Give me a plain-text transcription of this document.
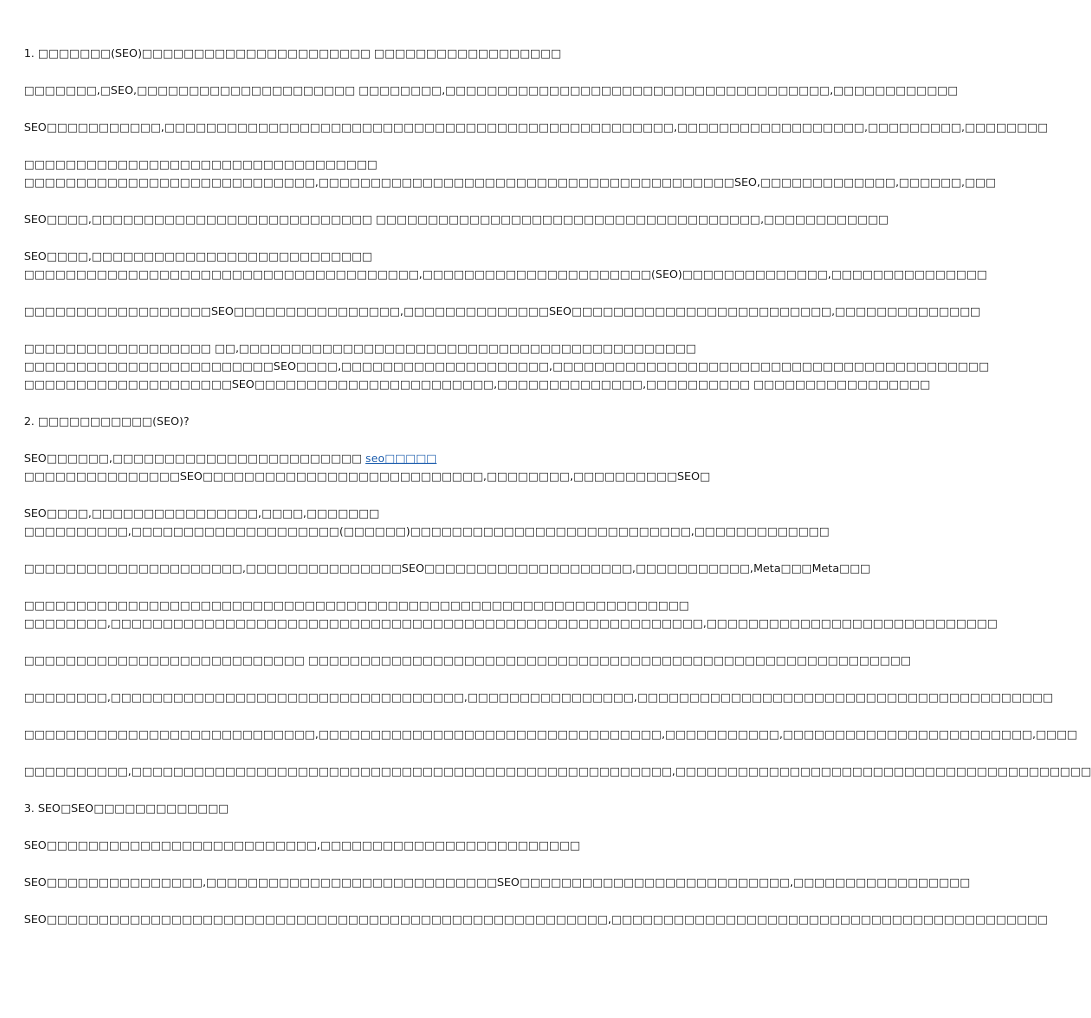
1. □□□□□□□(SEO)□□□□□□□□□□□□□□□□□□□□□□ □□□□□□□□□□□□□□□□□□

□□□□□□□,□SEO,□□□□□□□□□□□□□□□□□□□□□ □□□□□□□□,□□□□□□□□□□□□□□□□□□□□□□□□□□□□□□□□□□□□□,□□□□□□□□□□□□

SEO□□□□□□□□□□□,□□□□□□□□□□□□□□□□□□□□□□□□□□□□□□□□□□□□□□□□□□□□□□□□□,□□□□□□□□□□□□□□□□□□,□□□□□□□□□,□□□□□□□□

□□□□□□□□□□□□□□□□□□□□□□□□□□□□□□□□□□
□□□□□□□□□□□□□□□□□□□□□□□□□□□□,□□□□□□□□□□□□□□□□□□□□□□□□□□□□□□□□□□□□□□□□SEO,□□□□□□□□□□□□□,□□□□□□,□□□

SEO□□□□,□□□□□□□□□□□□□□□□□□□□□□□□□□□ □□□□□□□□□□□□□□□□□□□□□□□□□□□□□□□□□□□□□,□□□□□□□□□□□□

SEO□□□□,□□□□□□□□□□□□□□□□□□□□□□□□□□□
□□□□□□□□□□□□□□□□□□□□□□□□□□□□□□□□□□□□□□,□□□□□□□□□□□□□□□□□□□□□□(SEO)□□□□□□□□□□□□□□,□□□□□□□□□□□□□□□

□□□□□□□□□□□□□□□□□□SEO□□□□□□□□□□□□□□□□,□□□□□□□□□□□□□□SEO□□□□□□□□□□□□□□□□□□□□□□□□□,□□□□□□□□□□□□□□

□□□□□□□□□□□□□□□□□□ □□,□□□□□□□□□□□□□□□□□□□□□□□□□□□□□□□□□□□□□□□□□□□□
□□□□□□□□□□□□□□□□□□□□□□□□SEO□□□□,□□□□□□□□□□□□□□□□□□□□,□□□□□□□□□□□□□□□□□□□□□□□□□□□□□□□□□□□□□□□□□□
□□□□□□□□□□□□□□□□□□□□SEO□□□□□□□□□□□□□□□□□□□□□□□,□□□□□□□□□□□□□□,□□□□□□□□□□ □□□□□□□□□□□□□□□□□

2. □□□□□□□□□□□(SEO)?

SEO□□□□□□,□□□□□□□□□□□□□□□□□□□□□□□□ seo□□□□□
□□□□□□□□□□□□□□□SEO□□□□□□□□□□□□□□□□□□□□□□□□□□□,□□□□□□□□,□□□□□□□□□□SEO□

SEO□□□□,□□□□□□□□□□□□□□□□,□□□□,□□□□□□□
□□□□□□□□□□,□□□□□□□□□□□□□□□□□□□□(□□□□□□)□□□□□□□□□□□□□□□□□□□□□□□□□□□,□□□□□□□□□□□□□

□□□□□□□□□□□□□□□□□□□□□,□□□□□□□□□□□□□□□SEO□□□□□□□□□□□□□□□□□□□□,□□□□□□□□□□□,Meta□□□Meta□□□

□□□□□□□□□□□□□□□□□□□□□□□□□□□□□□□□□□□□□□□□□□□□□□□□□□□□□□□□□□□□□□□□
□□□□□□□□,□□□□□□□□□□□□□□□□□□□□□□□□□□□□□□□□□□□□□□□□□□□□□□□□□□□□□□□□□,□□□□□□□□□□□□□□□□□□□□□□□□□□□□

□□□□□□□□□□□□□□□□□□□□□□□□□□□ □□□□□□□□□□□□□□□□□□□□□□□□□□□□□□□□□□□□□□□□□□□□□□□□□□□□□□□□□□

□□□□□□□□,□□□□□□□□□□□□□□□□□□□□□□□□□□□□□□□□□□,□□□□□□□□□□□□□□□□,□□□□□□□□□□□□□□□□□□□□□□□□□□□□□□□□□□□□□□□□

□□□□□□□□□□□□□□□□□□□□□□□□□□□□,□□□□□□□□□□□□□□□□□□□□□□□□□□□□□□□□□,□□□□□□□□□□□,□□□□□□□□□□□□□□□□□□□□□□□□,□□□□

□□□□□□□□□□,□□□□□□□□□□□□□□□□□□□□□□□□□□□□□□□□□□□□□□□□□□□□□□□□□□□□,□□□□□□□□□□□□□□□□□□□□□□□□□□□□□□□□□□□□□□□□

3. SEO□SEO□□□□□□□□□□□□□

SEO□□□□□□□□□□□□□□□□□□□□□□□□□□,□□□□□□□□□□□□□□□□□□□□□□□□□

SEO□□□□□□□□□□□□□□□,□□□□□□□□□□□□□□□□□□□□□□□□□□□□SEO□□□□□□□□□□□□□□□□□□□□□□□□□□,□□□□□□□□□□□□□□□□□

SEO□□□□□□□□□□□□□□□□□□□□□□□□□□□□□□□□□□□□□□□□□□□□□□□□□□□□□□,□□□□□□□□□□□□□□□□□□□□□□□□□□□□□□□□□□□□□□□□□□
